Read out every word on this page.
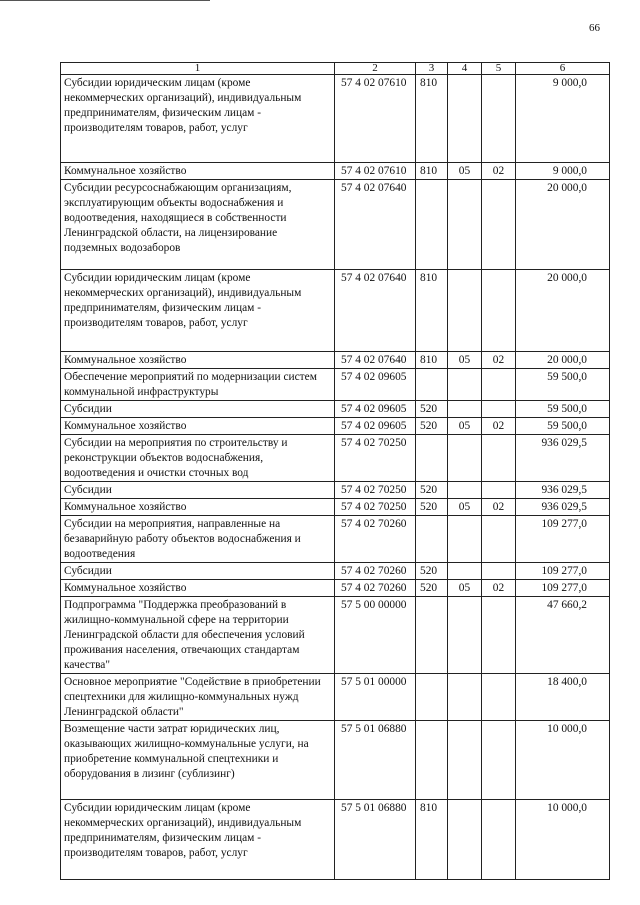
66
1	2	3	4	5	6
Субсидии юридическим лицам (кроме некоммерческих организаций), индивидуальным предпринимателям, физическим лицам - производителям товаров, работ, услуг	57 4 02 07610	810			9 000,0
Коммунальное хозяйство	57 4 02 07610	810	05	02	9 000,0
Субсидии ресурсоснабжающим организациям, эксплуатирующим объекты водоснабжения и водоотведения, находящиеся в собственности Ленинградской области, на лицензирование подземных водозаборов	57 4 02 07640				20 000,0
Субсидии юридическим лицам (кроме некоммерческих организаций), индивидуальным предпринимателям, физическим лицам - производителям товаров, работ, услуг	57 4 02 07640	810			20 000,0
Коммунальное хозяйство	57 4 02 07640	810	05	02	20 000,0
Обеспечение мероприятий по модернизации систем коммунальной инфраструктуры	57 4 02 09605				59 500,0
Субсидии	57 4 02 09605	520			59 500,0
Коммунальное хозяйство	57 4 02 09605	520	05	02	59 500,0
Субсидии на мероприятия по строительству и реконструкции объектов водоснабжения, водоотведения и очистки сточных вод	57 4 02 70250				936 029,5
Субсидии	57 4 02 70250	520			936 029,5
Коммунальное хозяйство	57 4 02 70250	520	05	02	936 029,5
Субсидии на мероприятия, направленные на безаварийную работу объектов водоснабжения и водоотведения	57 4 02 70260				109 277,0
Субсидии	57 4 02 70260	520			109 277,0
Коммунальное хозяйство	57 4 02 70260	520	05	02	109 277,0
Подпрограмма "Поддержка преобразований в жилищно-коммунальной сфере на территории Ленинградской области для обеспечения условий проживания населения, отвечающих стандартам качества"	57 5 00 00000				47 660,2
Основное мероприятие "Содействие в приобретении спецтехники для жилищно-коммунальных нужд Ленинградской области"	57 5 01 00000				18 400,0
Возмещение части затрат юридических лиц, оказывающих жилищно-коммунальные услуги, на приобретение коммунальной спецтехники и оборудования в лизинг (сублизинг)	57 5 01 06880				10 000,0
Субсидии юридическим лицам (кроме некоммерческих организаций), индивидуальным предпринимателям, физическим лицам - производителям товаров, работ, услуг	57 5 01 06880	810			10 000,0
